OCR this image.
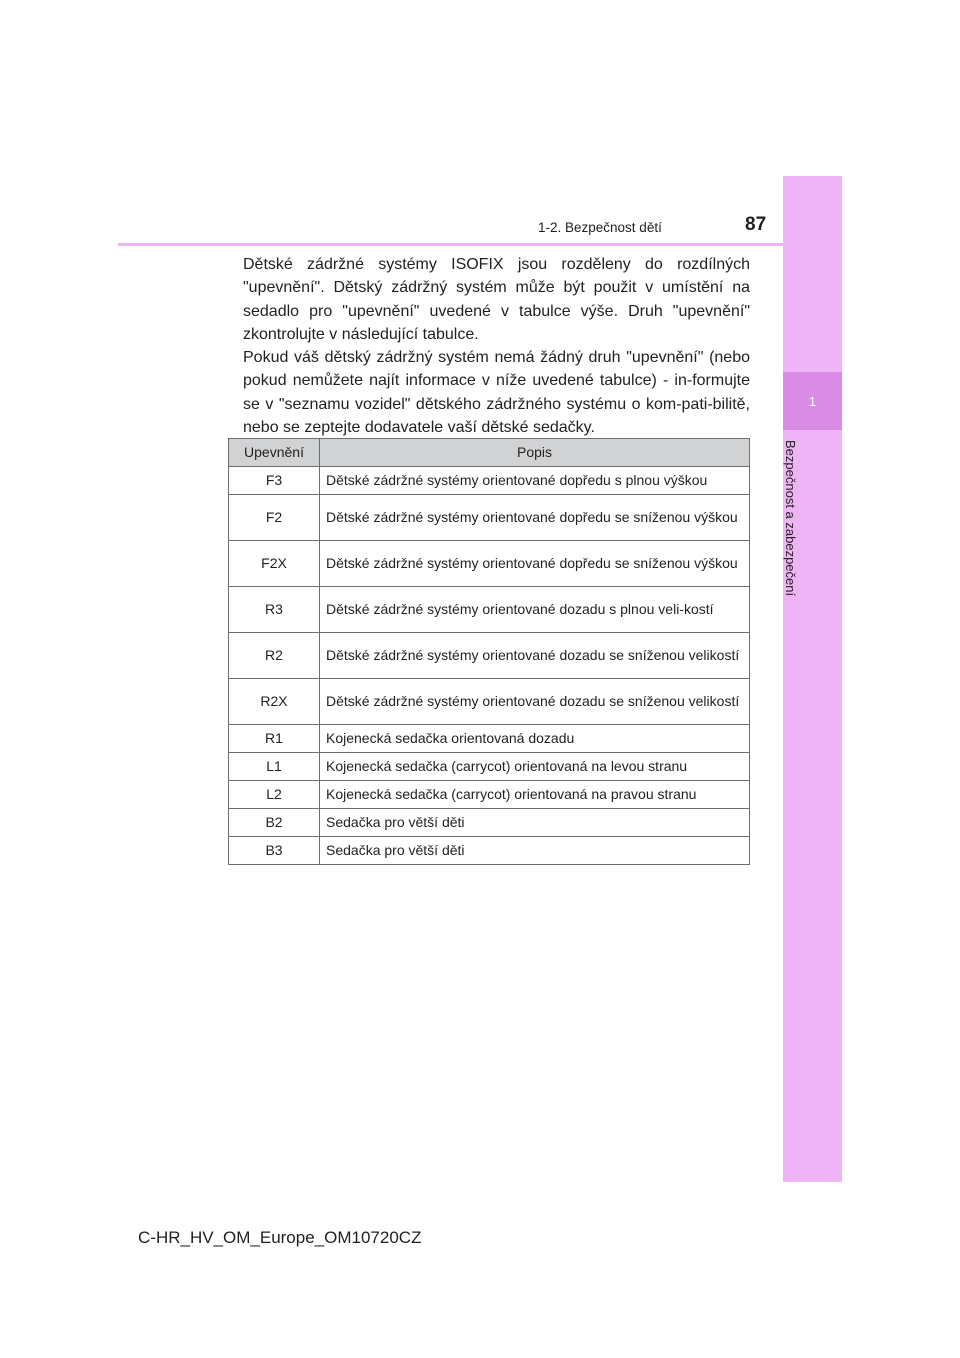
1
Bezpečnost a zabezpečení
1-2. Bezpečnost dětí	87

Dětské zádržné systémy ISOFIX jsou rozděleny do rozdílných "upevnění". Dětský zádržný systém může být použit v umístění na sedadlo pro "upevnění" uvedené v tabulce výše. Druh "upevnění" zkontrolujte v následující tabulce.

Pokud váš dětský zádržný systém nemá žádný druh "upevnění" (nebo pokud nemůžete najít informace v níže uvedené tabulce) - in-formujte se v "seznamu vozidel" dětského zádržného systému o kom-pati-bilitě, nebo se zeptejte dodavatele vaší dětské sedačky.

Upevnění	Popis
F3	Dětské zádržné systémy orientované dopředu s plnou výškou
F2	Dětské zádržné systémy orientované dopředu se sníženou výškou
F2X	Dětské zádržné systémy orientované dopředu se sníženou výškou
R3	Dětské zádržné systémy orientované dozadu s plnou veli-kostí
R2	Dětské zádržné systémy orientované dozadu se sníženou velikostí
R2X	Dětské zádržné systémy orientované dozadu se sníženou velikostí
R1	Kojenecká sedačka orientovaná dozadu
L1	Kojenecká sedačka (carrycot) orientovaná na levou stranu
L2	Kojenecká sedačka (carrycot) orientovaná na pravou stranu
B2	Sedačka pro větší děti
B3	Sedačka pro větší děti
C-HR_HV_OM_Europe_OM10720CZ
